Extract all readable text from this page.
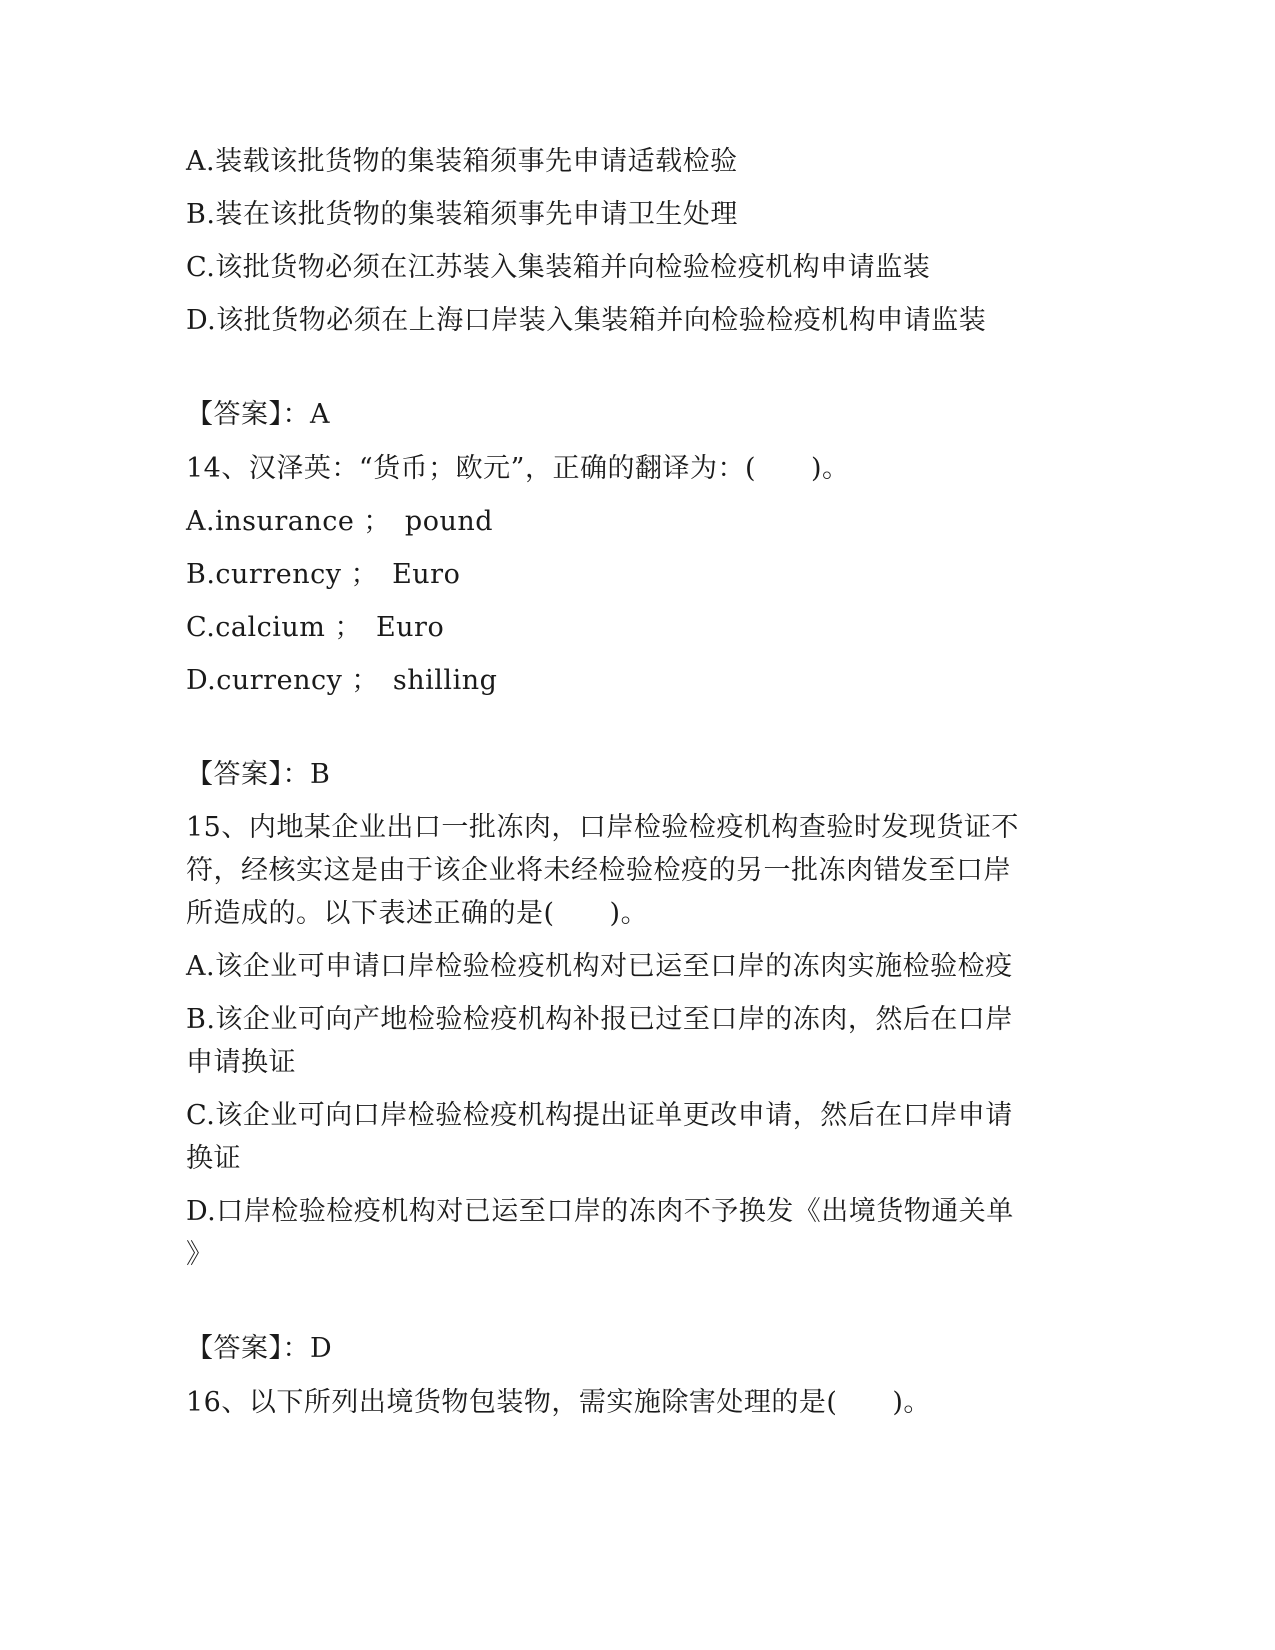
A.装载该批货物的集装箱须事先申请适载检验
B.装在该批货物的集装箱须事先申请卫生处理
C.该批货物必须在江苏装入集装箱并向检验检疫机构申请监装
D.该批货物必须在上海口岸装入集装箱并向检验检疫机构申请监装
【答案】：A
14、汉泽英：“货币；欧元”，正确的翻译为：(　　)。
A.insurance ；　pound
B.currency ；　Euro
C.calcium ；　Euro
D.currency ；　shilling
【答案】：B
15、内地某企业出口一批冻肉，口岸检验检疫机构查验时发现货证不
符，经核实这是由于该企业将未经检验检疫的另一批冻肉错发至口岸
所造成的。以下表述正确的是(　　)。
A.该企业可申请口岸检验检疫机构对已运至口岸的冻肉实施检验检疫
B.该企业可向产地检验检疫机构补报已过至口岸的冻肉，然后在口岸
申请换证
C.该企业可向口岸检验检疫机构提出证单更改申请，然后在口岸申请
换证
D.口岸检验检疫机构对已运至口岸的冻肉不予换发《出境货物通关单
》
【答案】：D
16、以下所列出境货物包装物，需实施除害处理的是(　　)。
